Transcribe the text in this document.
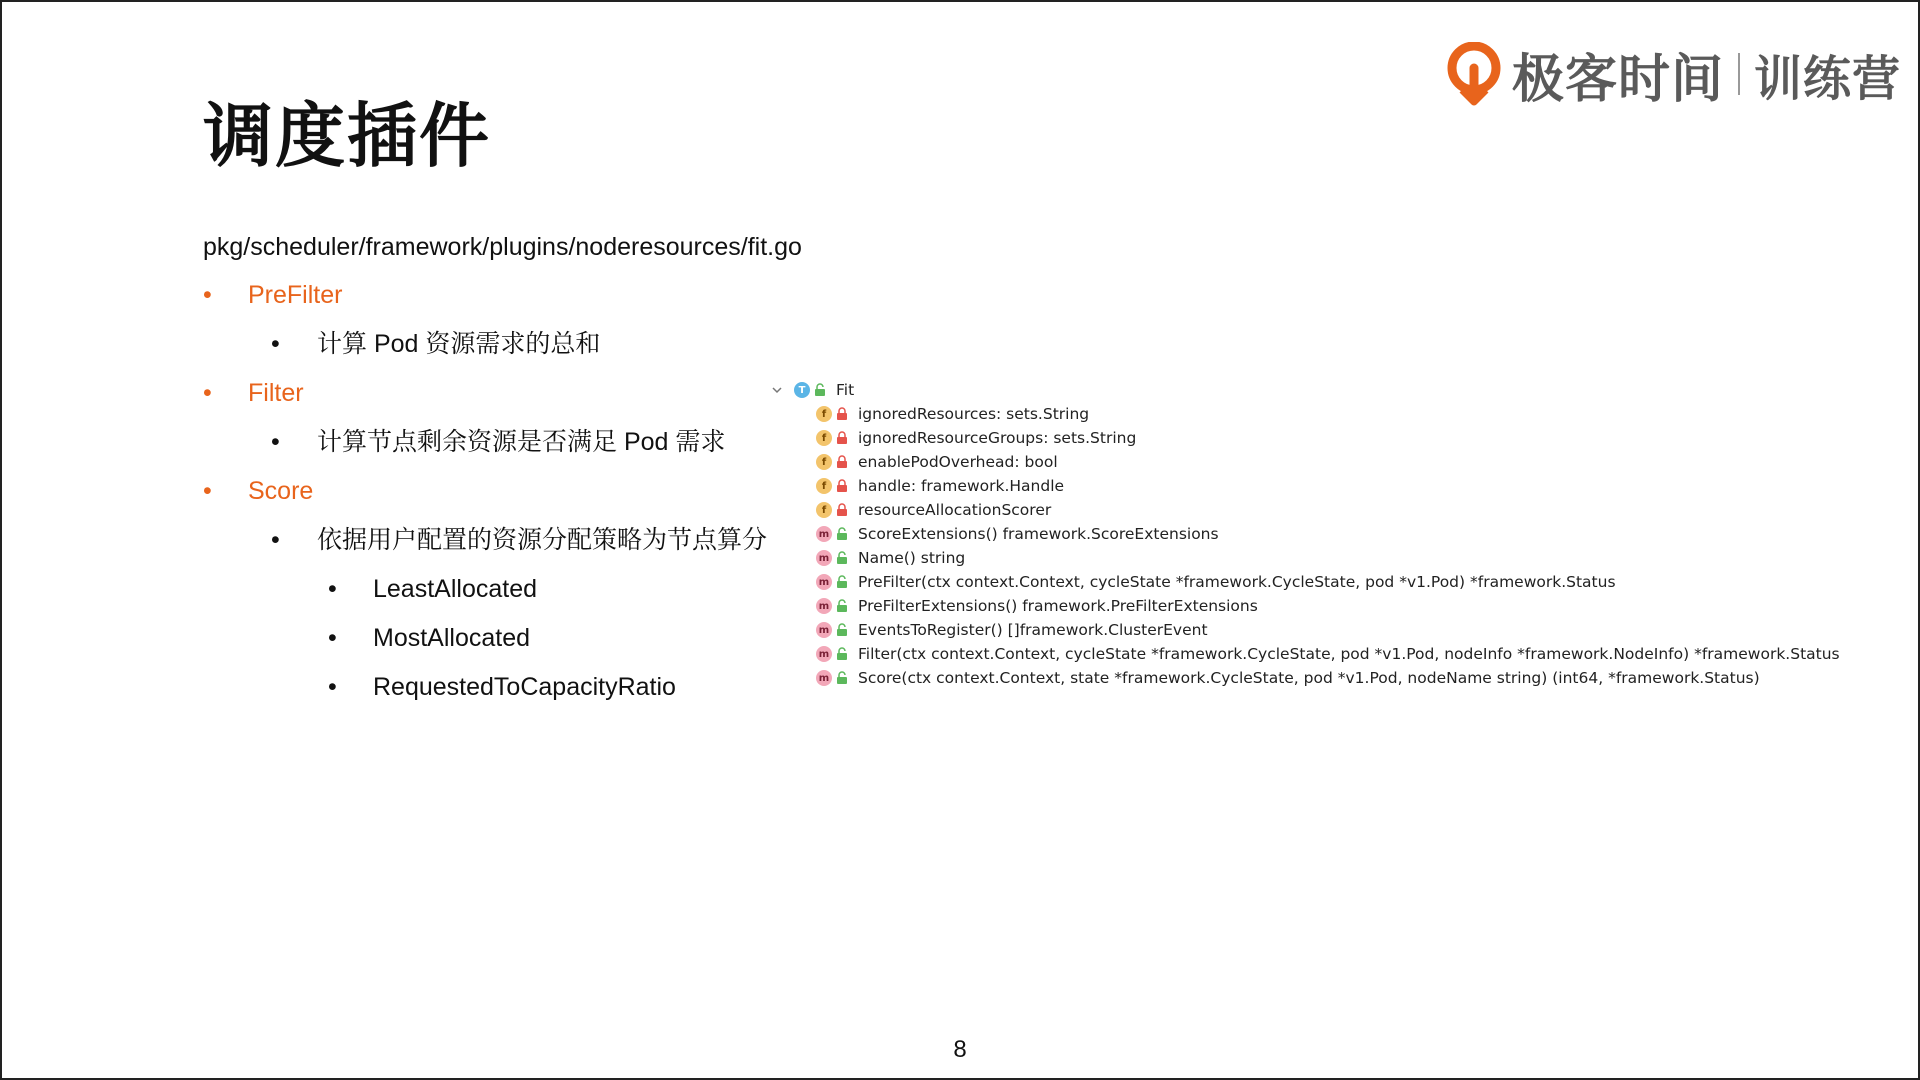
调度插件
极客时间 训练营
pkg/scheduler/framework/plugins/noderesources/fit.go
• PreFilter
• 计算 Pod 资源需求的总和
• Filter
• 计算节点剩余资源是否满足 Pod 需求
• Score
• 依据用户配置的资源分配策略为节点算分
• LeastAllocated
• MostAllocated
• RequestedToCapacityRatio
T Fit
f	ignoredResources: sets.String
f	ignoredResourceGroups: sets.String
f	enablePodOverhead: bool
f	handle: framework.Handle
f	resourceAllocationScorer
m ScoreExtensions() framework.ScoreExtensions
m Name() string
m PreFilter(ctx context.Context, cycleState *framework.CycleState, pod *v1.Pod) *framework.Status
m PreFilterExtensions() framework.PreFilterExtensions
m EventsToRegister() []framework.ClusterEvent
m Filter(ctx context.Context, cycleState *framework.CycleState, pod *v1.Pod, nodeInfo *framework.NodeInfo) *framework.Status
m Score(ctx context.Context, state *framework.CycleState, pod *v1.Pod, nodeName string) (int64, *framework.Status)
8
